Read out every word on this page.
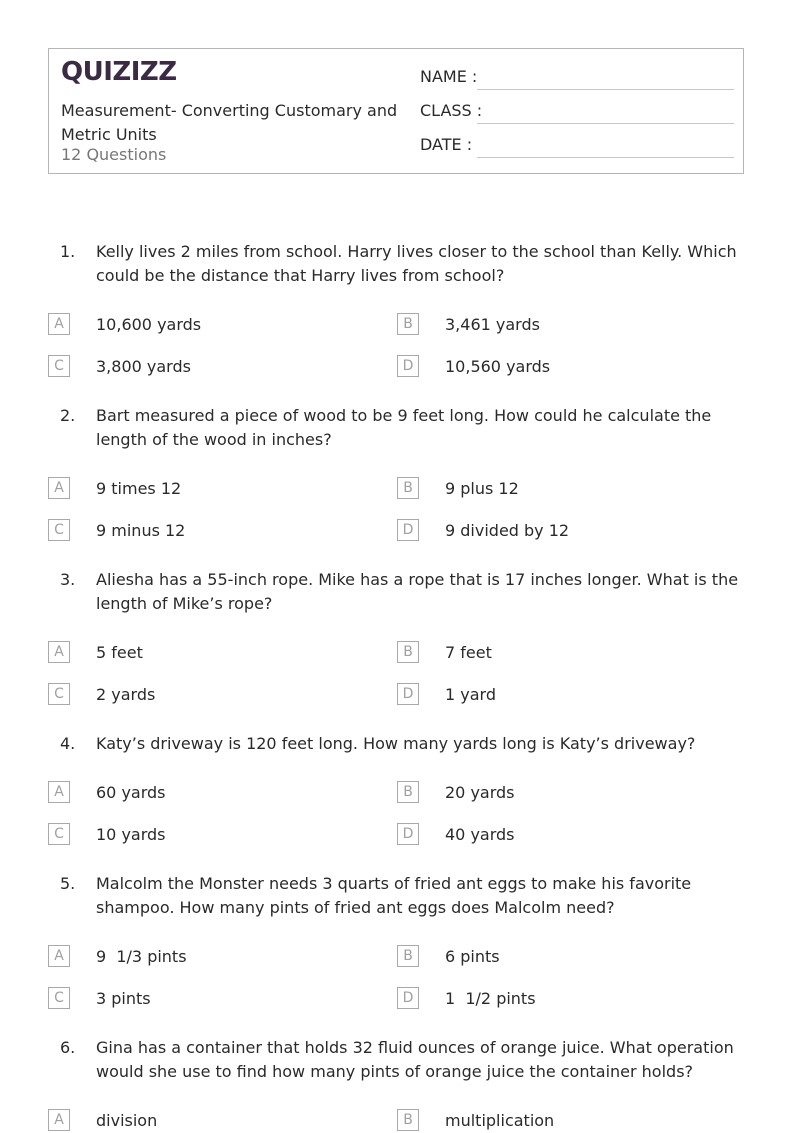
QUIZIZZ
Measurement- Converting Customary and Metric Units
12 Questions
NAME :
CLASS :
DATE :
1. Kelly lives 2 miles from school. Harry lives closer to the school than Kelly. Which could be the distance that Harry lives from school?
A	10,600 yards	B	3,461 yards
C	3,800 yards	D	10,560 yards
2. Bart measured a piece of wood to be 9 feet long. How could he calculate the length of the wood in inches?
A	9 times 12	B	9 plus 12
C	9 minus 12	D	9 divided by 12
3. Aliesha has a 55-inch rope. Mike has a rope that is 17 inches longer. What is the length of Mike’s rope?
A	5 feet	B	7 feet
C	2 yards	D	1 yard
4. Katy’s driveway is 120 feet long. How many yards long is Katy’s driveway?
A	60 yards	B	20 yards
C	10 yards	D	40 yards
5. Malcolm the Monster needs 3 quarts of fried ant eggs to make his favorite shampoo. How many pints of fried ant eggs does Malcolm need?
A	9  1/3 pints	B	6 pints
C	3 pints	D	1  1/2 pints
6. Gina has a container that holds 32 fluid ounces of orange juice. What operation would she use to find how many pints of orange juice the container holds?
A	division	B	multiplication
